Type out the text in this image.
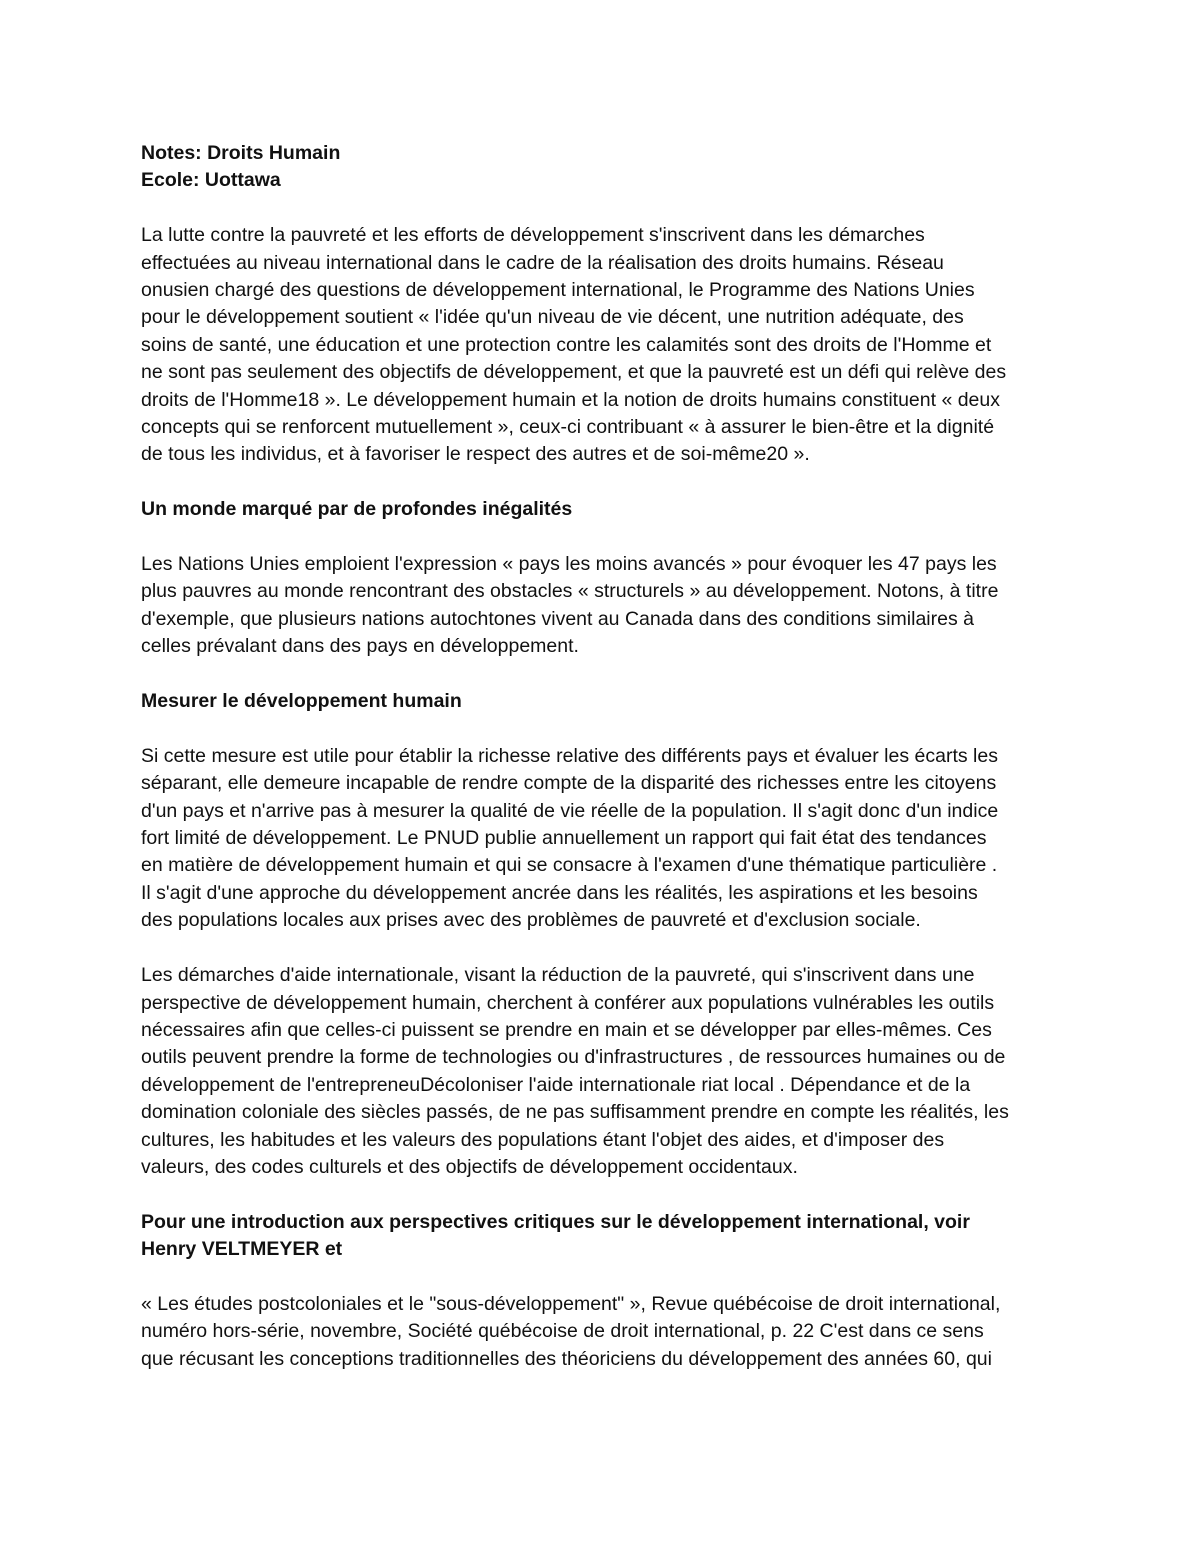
Notes: Droits Humain

Ecole: Uottawa

La lutte contre la pauvreté et les efforts de développement s'inscrivent dans les démarches
effectuées au niveau international dans le cadre de la réalisation des droits humains. Réseau
onusien chargé des questions de développement international, le Programme des Nations Unies
pour le développement soutient « l'idée qu'un niveau de vie décent, une nutrition adéquate, des
soins de santé, une éducation et une protection contre les calamités sont des droits de l'Homme et
ne sont pas seulement des objectifs de développement, et que la pauvreté est un défi qui relève des
droits de l'Homme18 ». Le développement humain et la notion de droits humains constituent « deux
concepts qui se renforcent mutuellement », ceux-ci contribuant « à assurer le bien-être et la dignité
de tous les individus, et à favoriser le respect des autres et de soi-même20 ».

Un monde marqué par de profondes inégalités

Les Nations Unies emploient l'expression « pays les moins avancés » pour évoquer les 47 pays les
plus pauvres au monde rencontrant des obstacles « structurels » au développement. Notons, à titre
d'exemple, que plusieurs nations autochtones vivent au Canada dans des conditions similaires à
celles prévalant dans des pays en développement.

Mesurer le développement humain

Si cette mesure est utile pour établir la richesse relative des différents pays et évaluer les écarts les
séparant, elle demeure incapable de rendre compte de la disparité des richesses entre les citoyens
d'un pays et n'arrive pas à mesurer la qualité de vie réelle de la population. Il s'agit donc d'un indice
fort limité de développement. Le PNUD publie annuellement un rapport qui fait état des tendances
en matière de développement humain et qui se consacre à l'examen d'une thématique particulière .
Il s'agit d'une approche du développement ancrée dans les réalités, les aspirations et les besoins
des populations locales aux prises avec des problèmes de pauvreté et d'exclusion sociale.

Les démarches d'aide internationale, visant la réduction de la pauvreté, qui s'inscrivent dans une
perspective de développement humain, cherchent à conférer aux populations vulnérables les outils
nécessaires afin que celles-ci puissent se prendre en main et se développer par elles-mêmes. Ces
outils peuvent prendre la forme de technologies ou d'infrastructures , de ressources humaines ou de
développement de l'entrepreneuDécoloniser l'aide internationale riat local . Dépendance et de la
domination coloniale des siècles passés, de ne pas suffisamment prendre en compte les réalités, les
cultures, les habitudes et les valeurs des populations étant l'objet des aides, et d'imposer des
valeurs, des codes culturels et des objectifs de développement occidentaux.

Pour une introduction aux perspectives critiques sur le développement international, voir
Henry VELTMEYER et

« Les études postcoloniales et le "sous-développement" », Revue québécoise de droit international,
numéro hors-série, novembre, Société québécoise de droit international, p. 22 C'est dans ce sens
que récusant les conceptions traditionnelles des théoriciens du développement des années 60, qui
